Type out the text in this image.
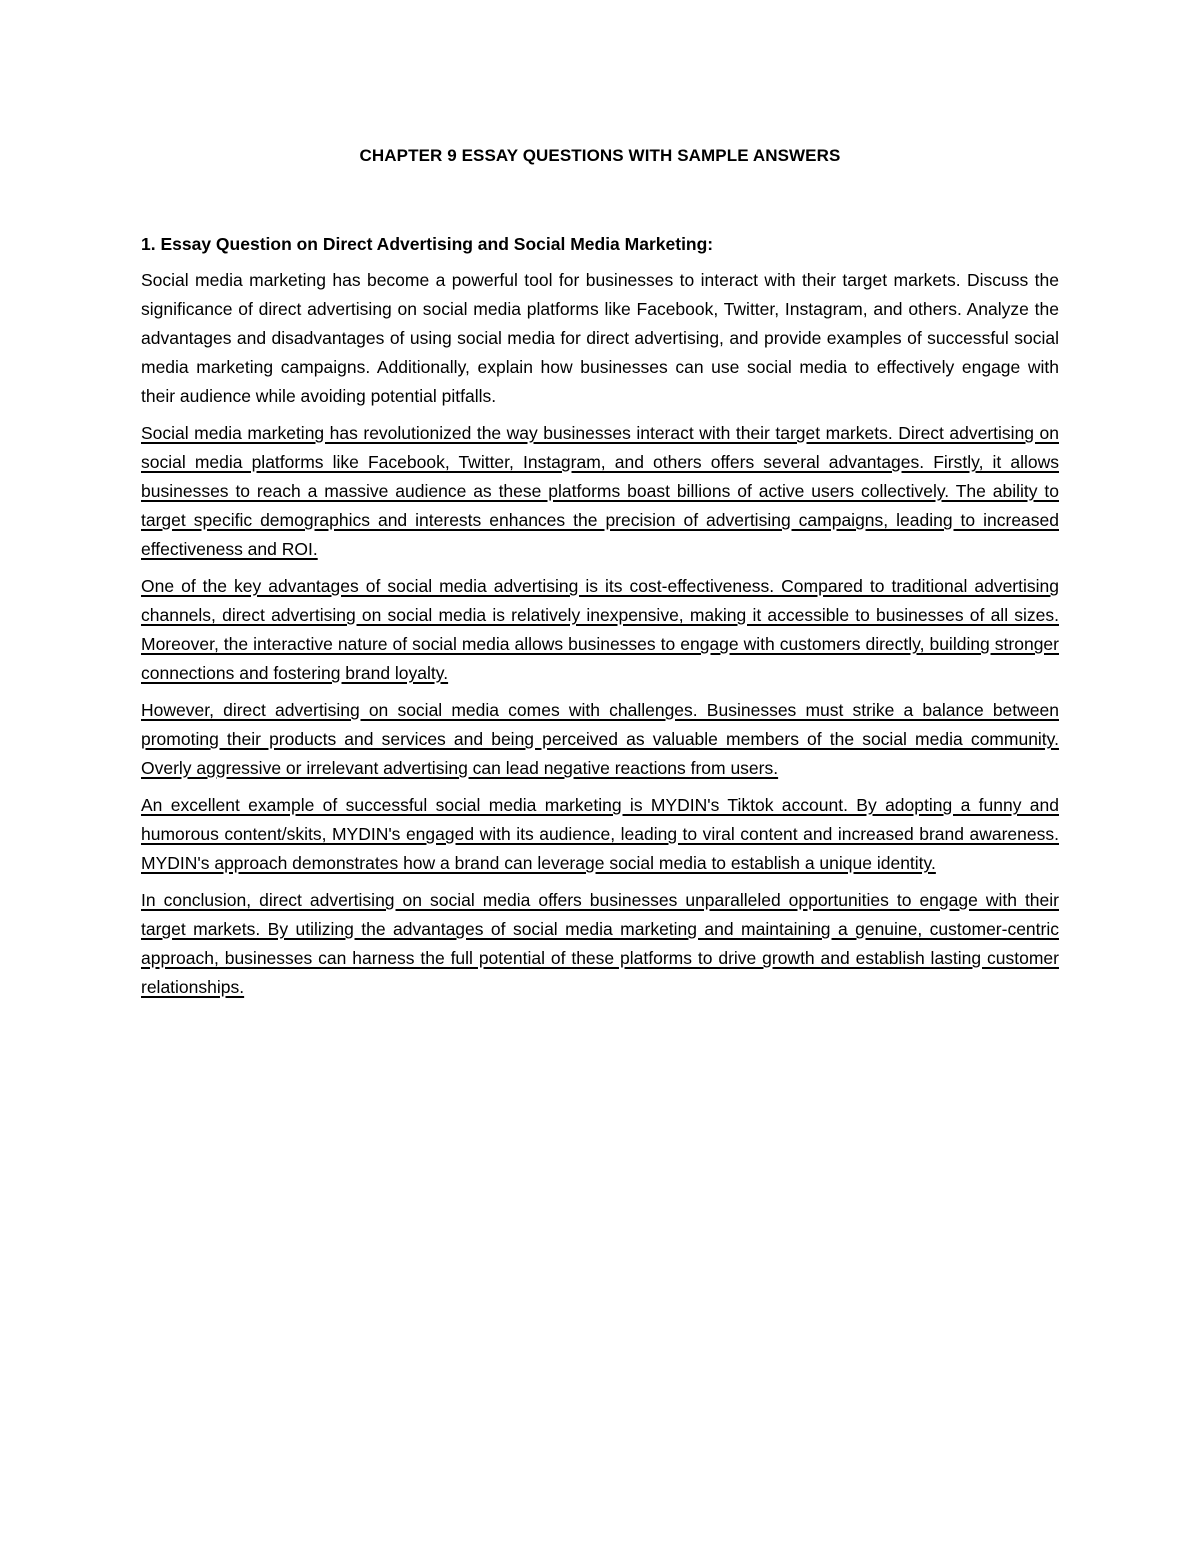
CHAPTER 9 ESSAY QUESTIONS WITH SAMPLE ANSWERS

1. Essay Question on Direct Advertising and Social Media Marketing:

Social media marketing has become a powerful tool for businesses to interact with their target markets. Discuss the significance of direct advertising on social media platforms like Facebook, Twitter, Instagram, and others. Analyze the advantages and disadvantages of using social media for direct advertising, and provide examples of successful social media marketing campaigns. Additionally, explain how businesses can use social media to effectively engage with their audience while avoiding potential pitfalls.

Social media marketing has revolutionized the way businesses interact with their target markets. Direct advertising on social media platforms like Facebook, Twitter, Instagram, and others offers several advantages. Firstly, it allows businesses to reach a massive audience as these platforms boast billions of active users collectively. The ability to target specific demographics and interests enhances the precision of advertising campaigns, leading to increased effectiveness and ROI.

One of the key advantages of social media advertising is its cost-effectiveness. Compared to traditional advertising channels, direct advertising on social media is relatively inexpensive, making it accessible to businesses of all sizes. Moreover, the interactive nature of social media allows businesses to engage with customers directly, building stronger connections and fostering brand loyalty.

However, direct advertising on social media comes with challenges. Businesses must strike a balance between promoting their products and services and being perceived as valuable members of the social media community. Overly aggressive or irrelevant advertising can lead negative reactions from users.

An excellent example of successful social media marketing is MYDIN's Tiktok account. By adopting a funny and humorous content/skits, MYDIN's engaged with its audience, leading to viral content and increased brand awareness. MYDIN's approach demonstrates how a brand can leverage social media to establish a unique identity.

In conclusion, direct advertising on social media offers businesses unparalleled opportunities to engage with their target markets. By utilizing the advantages of social media marketing and maintaining a genuine, customer-centric approach, businesses can harness the full potential of these platforms to drive growth and establish lasting customer relationships.
